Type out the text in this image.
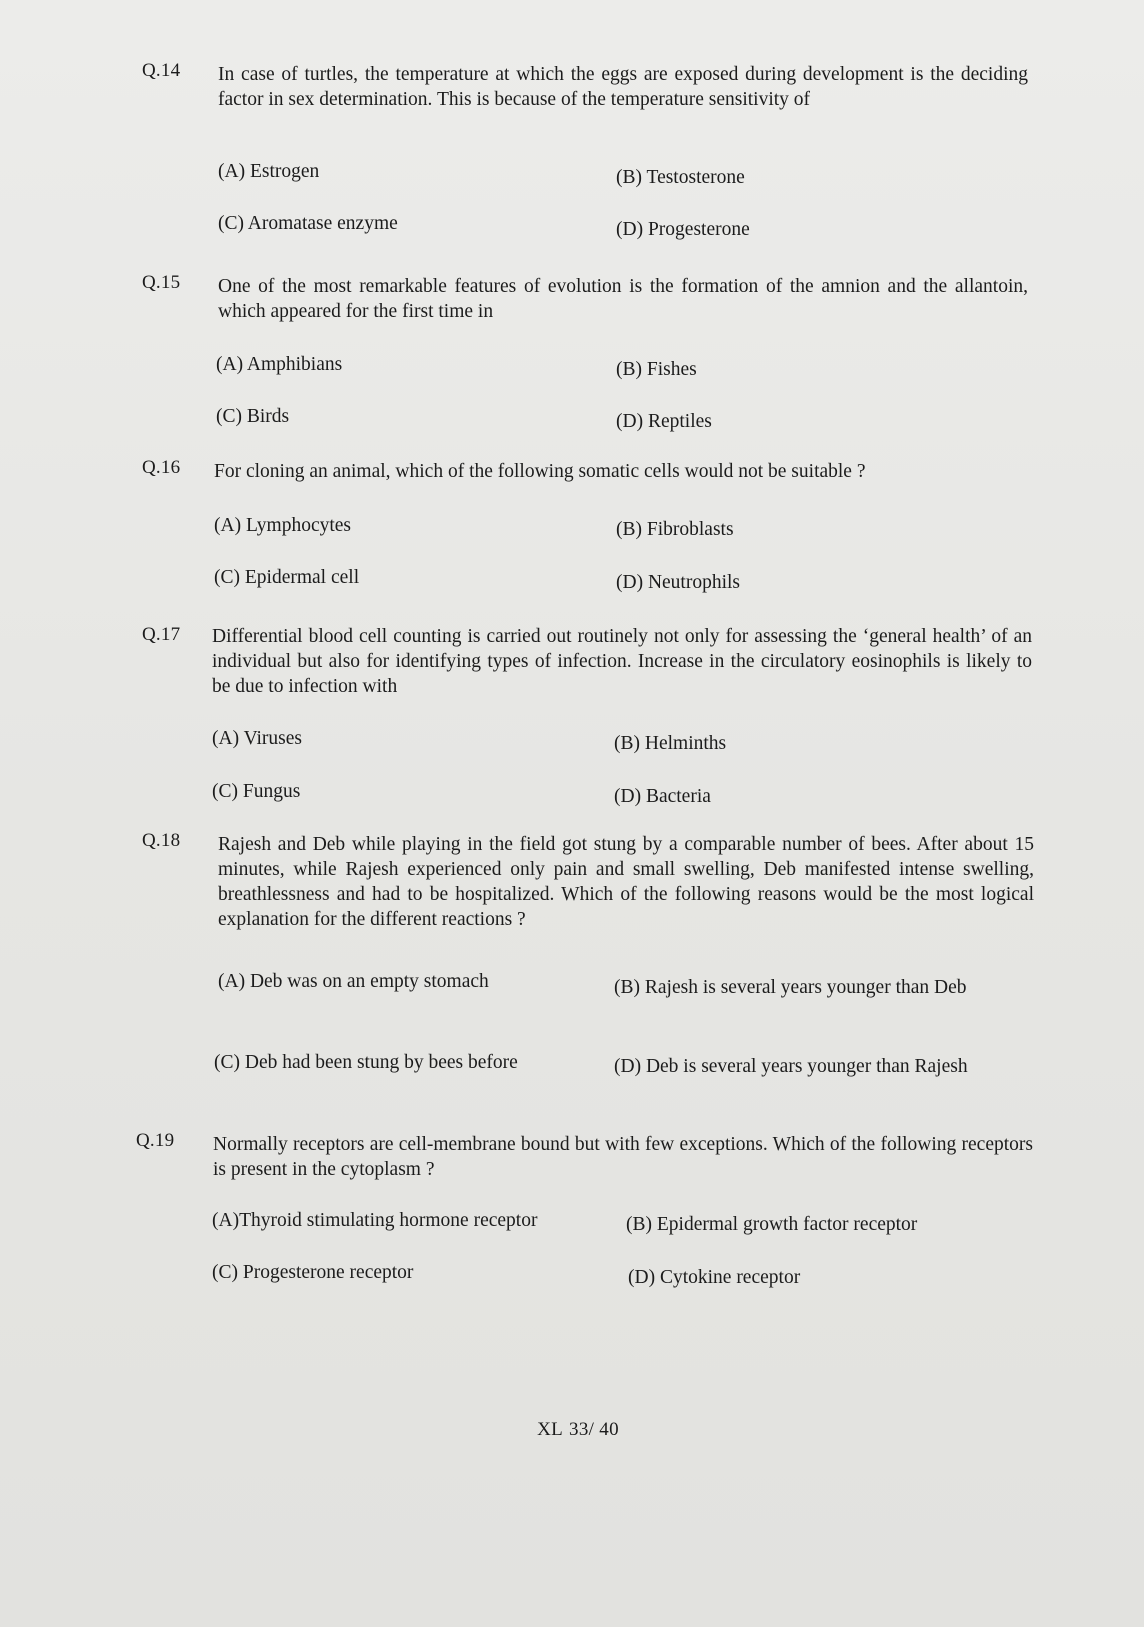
Q.14 In case of turtles, the temperature at which the eggs are exposed during development is the deciding factor in sex determination. This is because of the temperature sensitivity of
(A) Estrogen	(B) Testosterone
(C) Aromatase enzyme	(D) Progesterone
Q.15 One of the most remarkable features of evolution is the formation of the amnion and the allantoin, which appeared for the first time in
(A) Amphibians	(B) Fishes
(C) Birds	(D) Reptiles
Q.16 For cloning an animal, which of the following somatic cells would not be suitable ?
(A) Lymphocytes	(B) Fibroblasts
(C) Epidermal cell	(D) Neutrophils
Q.17 Differential blood cell counting is carried out routinely not only for assessing the ‘general health’ of an individual but also for identifying types of infection. Increase in the circulatory eosinophils is likely to be due to infection with
(A) Viruses	(B) Helminths
(C) Fungus	(D) Bacteria
Q.18 Rajesh and Deb while playing in the field got stung by a comparable number of bees. After about 15 minutes, while Rajesh experienced only pain and small swelling, Deb manifested intense swelling, breathlessness and had to be hospitalized. Which of the following reasons would be the most logical explanation for the different reactions ?
(A) Deb was on an empty stomach	(B) Rajesh is several years younger than Deb
(C) Deb had been stung by bees before	(D) Deb is several years younger than Rajesh
Q.19 Normally receptors are cell-membrane bound but with few exceptions. Which of the following receptors is present in the cytoplasm ?
(A)Thyroid stimulating hormone receptor	(B) Epidermal growth factor receptor
(C) Progesterone receptor	(D) Cytokine receptor
XL 33/ 40
